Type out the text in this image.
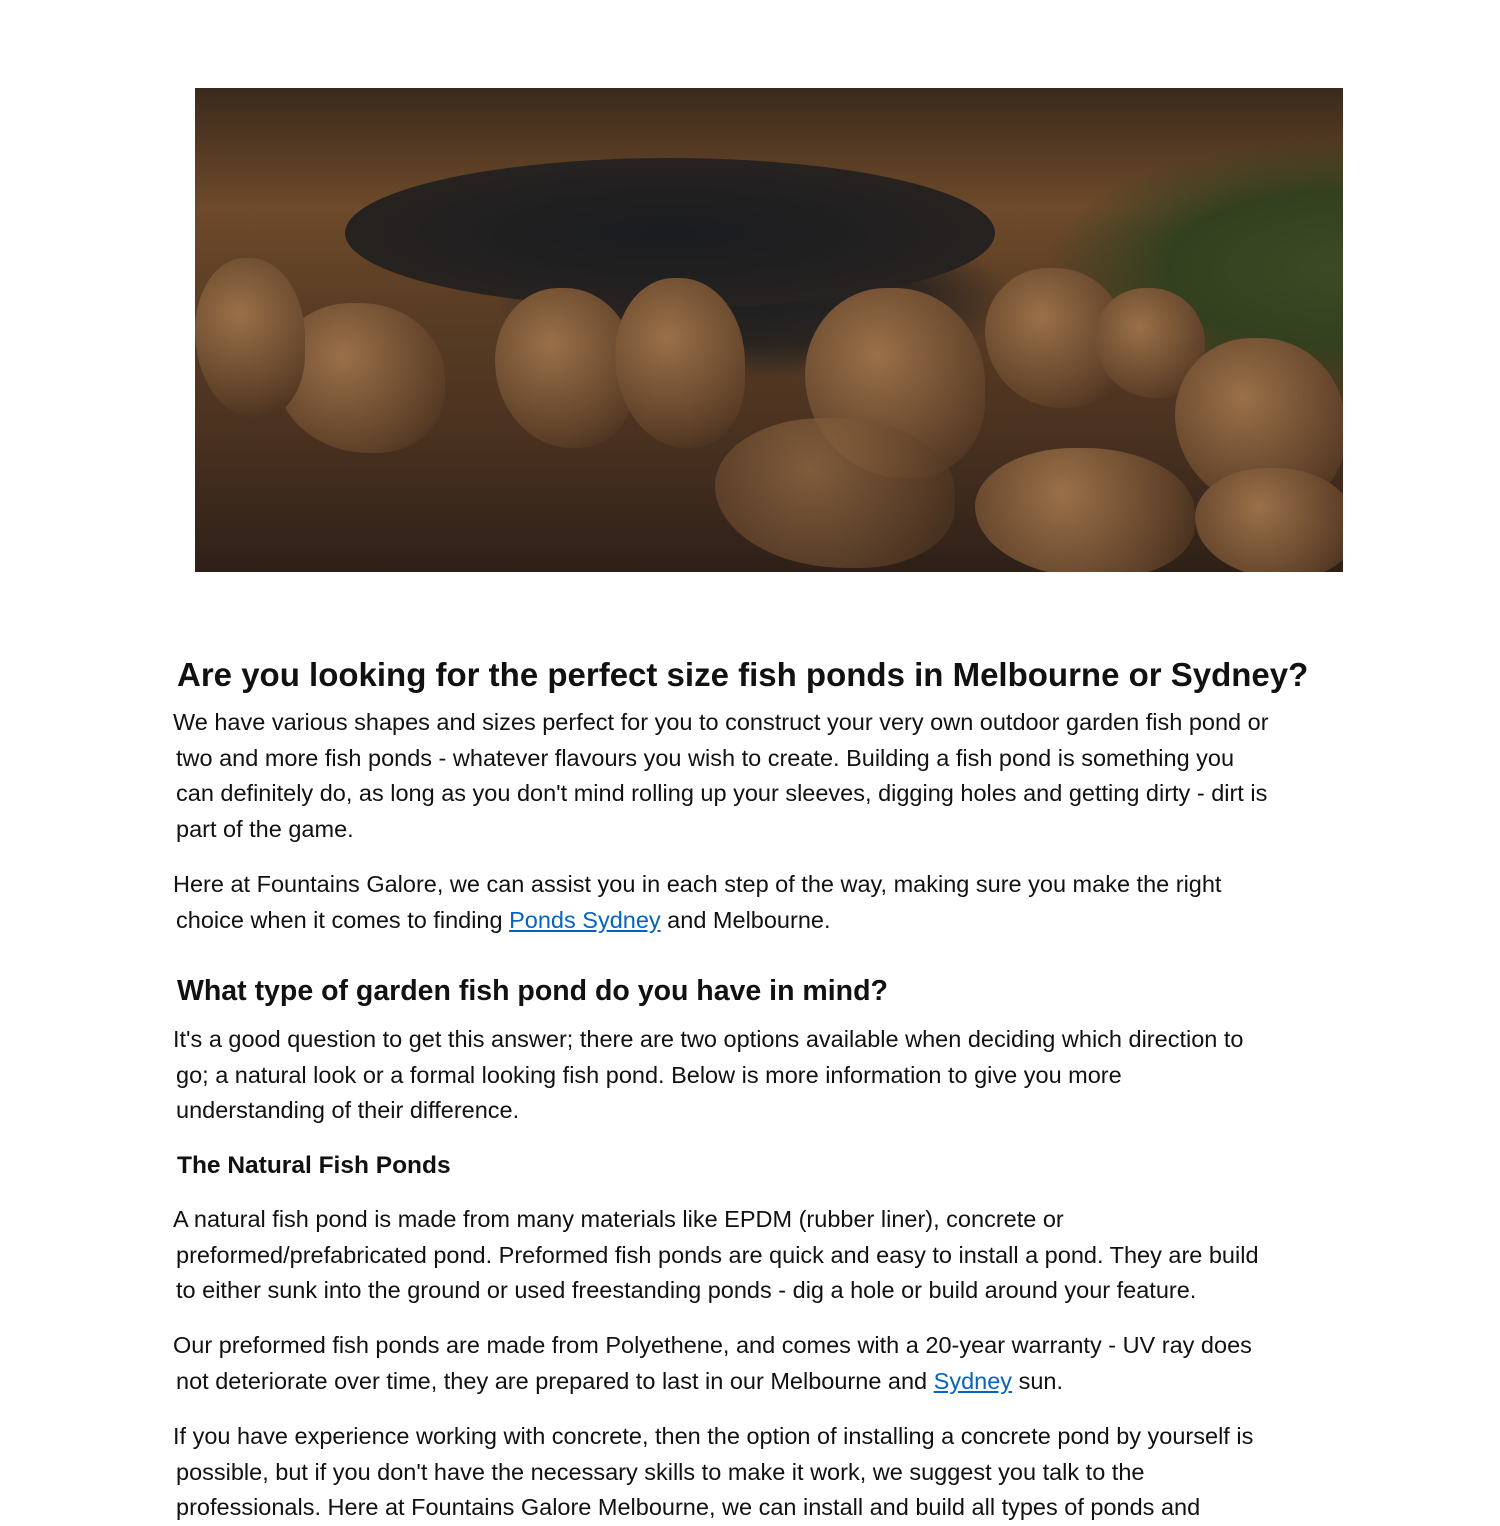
Are you looking for the perfect size fish ponds in Melbourne or Sydney?

We have various shapes and sizes perfect for you to construct your very own outdoor garden fish pond or

two and more fish ponds - whatever flavours you wish to create. Building a fish pond is something you

can definitely do, as long as you don't mind rolling up your sleeves, digging holes and getting dirty - dirt is

part of the game.

Here at Fountains Galore, we can assist you in each step of the way, making sure you make the right

choice when it comes to finding Ponds Sydney and Melbourne.

What type of garden fish pond do you have in mind?

It's a good question to get this answer; there are two options available when deciding which direction to

go; a natural look or a formal looking fish pond. Below is more information to give you more

understanding of their difference.

The Natural Fish Ponds

A natural fish pond is made from many materials like EPDM (rubber liner), concrete or

preformed/prefabricated pond. Preformed fish ponds are quick and easy to install a pond. They are build

to either sunk into the ground or used freestanding ponds - dig a hole or build around your feature.

Our preformed fish ponds are made from Polyethene, and comes with a 20-year warranty - UV ray does

not deteriorate over time, they are prepared to last in our Melbourne and Sydney sun.

If you have experience working with concrete, then the option of installing a concrete pond by yourself is

possible, but if you don't have the necessary skills to make it work, we suggest you talk to the

professionals. Here at Fountains Galore Melbourne, we can install and build all types of ponds and
